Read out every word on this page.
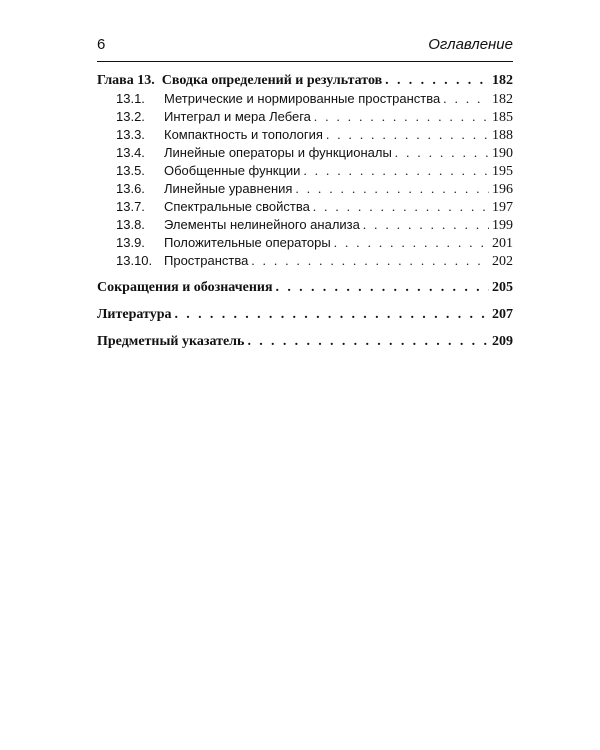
6	Оглавление
Глава 13. Сводка определений и результатов . . .	182
13.1. Метрические и нормированные пространства . . .	182
13.2. Интеграл и мера Лебега . . .	185
13.3. Компактность и топология . . .	188
13.4. Линейные операторы и функционалы . . .	190
13.5. Обобщенные функции . . .	195
13.6. Линейные уравнения . . .	196
13.7. Спектральные свойства . . .	197
13.8. Элементы нелинейного анализа . . .	199
13.9. Положительные операторы . . .	201
13.10. Пространства . . .	202
Сокращения и обозначения . . .	205
Литература . . .	207
Предметный указатель . . .	209
